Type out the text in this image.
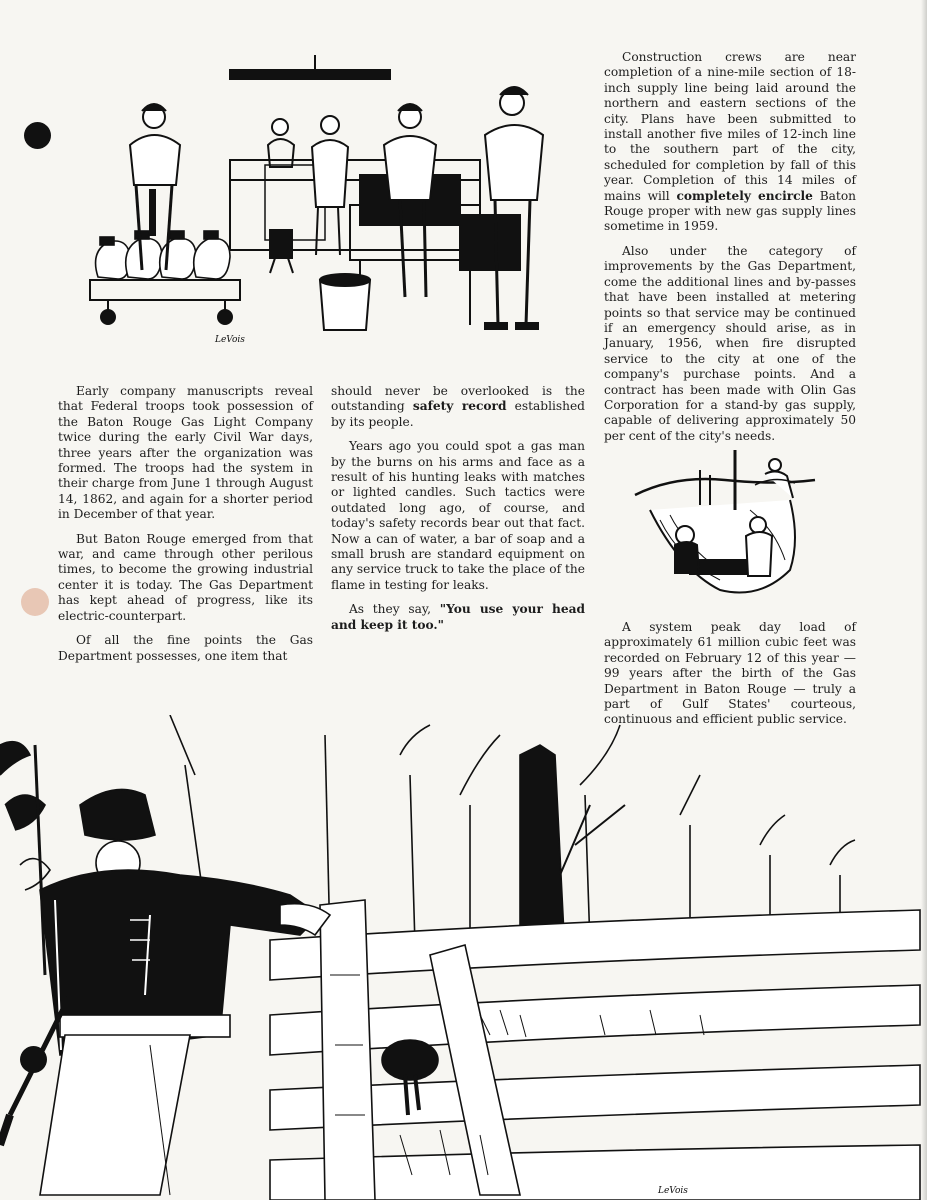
LeVois

Construction crews are near completion of a nine-mile section of 18-inch supply line being laid around the northern and eastern sections of the city. Plans have been submitted to install another five miles of 12-inch line to the southern part of the city, scheduled for completion by fall of this year. Completion of this 14 miles of mains will completely encircle Baton Rouge proper with new gas supply lines sometime in 1959.

Also under the category of improvements by the Gas Department, come the additional lines and by-passes that have been installed at metering points so that service may be continued if an emergency should arise, as in January, 1956, when fire disrupted service to the city at one of the company's purchase points. And a contract has been made with Olin Gas Corporation for a stand-by gas supply, capable of delivering approximately 50 per cent of the city's needs.

Early company manuscripts reveal that Federal troops took possession of the Baton Rouge Gas Light Company twice during the early Civil War days, three years after the organization was formed. The troops had the system in their charge from June 1 through August 14, 1862, and again for a shorter period in December of that year.

But Baton Rouge emerged from that war, and came through other perilous times, to become the growing industrial center it is today. The Gas Department has kept ahead of progress, like its electric-counterpart.

Of all the fine points the Gas Department possesses, one item that

should never be overlooked is the outstanding safety record established by its people.

Years ago you could spot a gas man by the burns on his arms and face as a result of his hunting leaks with matches or lighted candles. Such tactics were outdated long ago, of course, and today's safety records bear out that fact. Now a can of water, a bar of soap and a small brush are standard equipment on any service truck to take the place of the flame in testing for leaks.

As they say, "You use your head and keep it too."	A system peak day load of approximately 61 million cubic feet was recorded on February 12 of this year — 99 years after the birth of the Gas Department in Baton Rouge — truly a part of Gulf States' courteous, continuous and efficient public service.

LeVois
